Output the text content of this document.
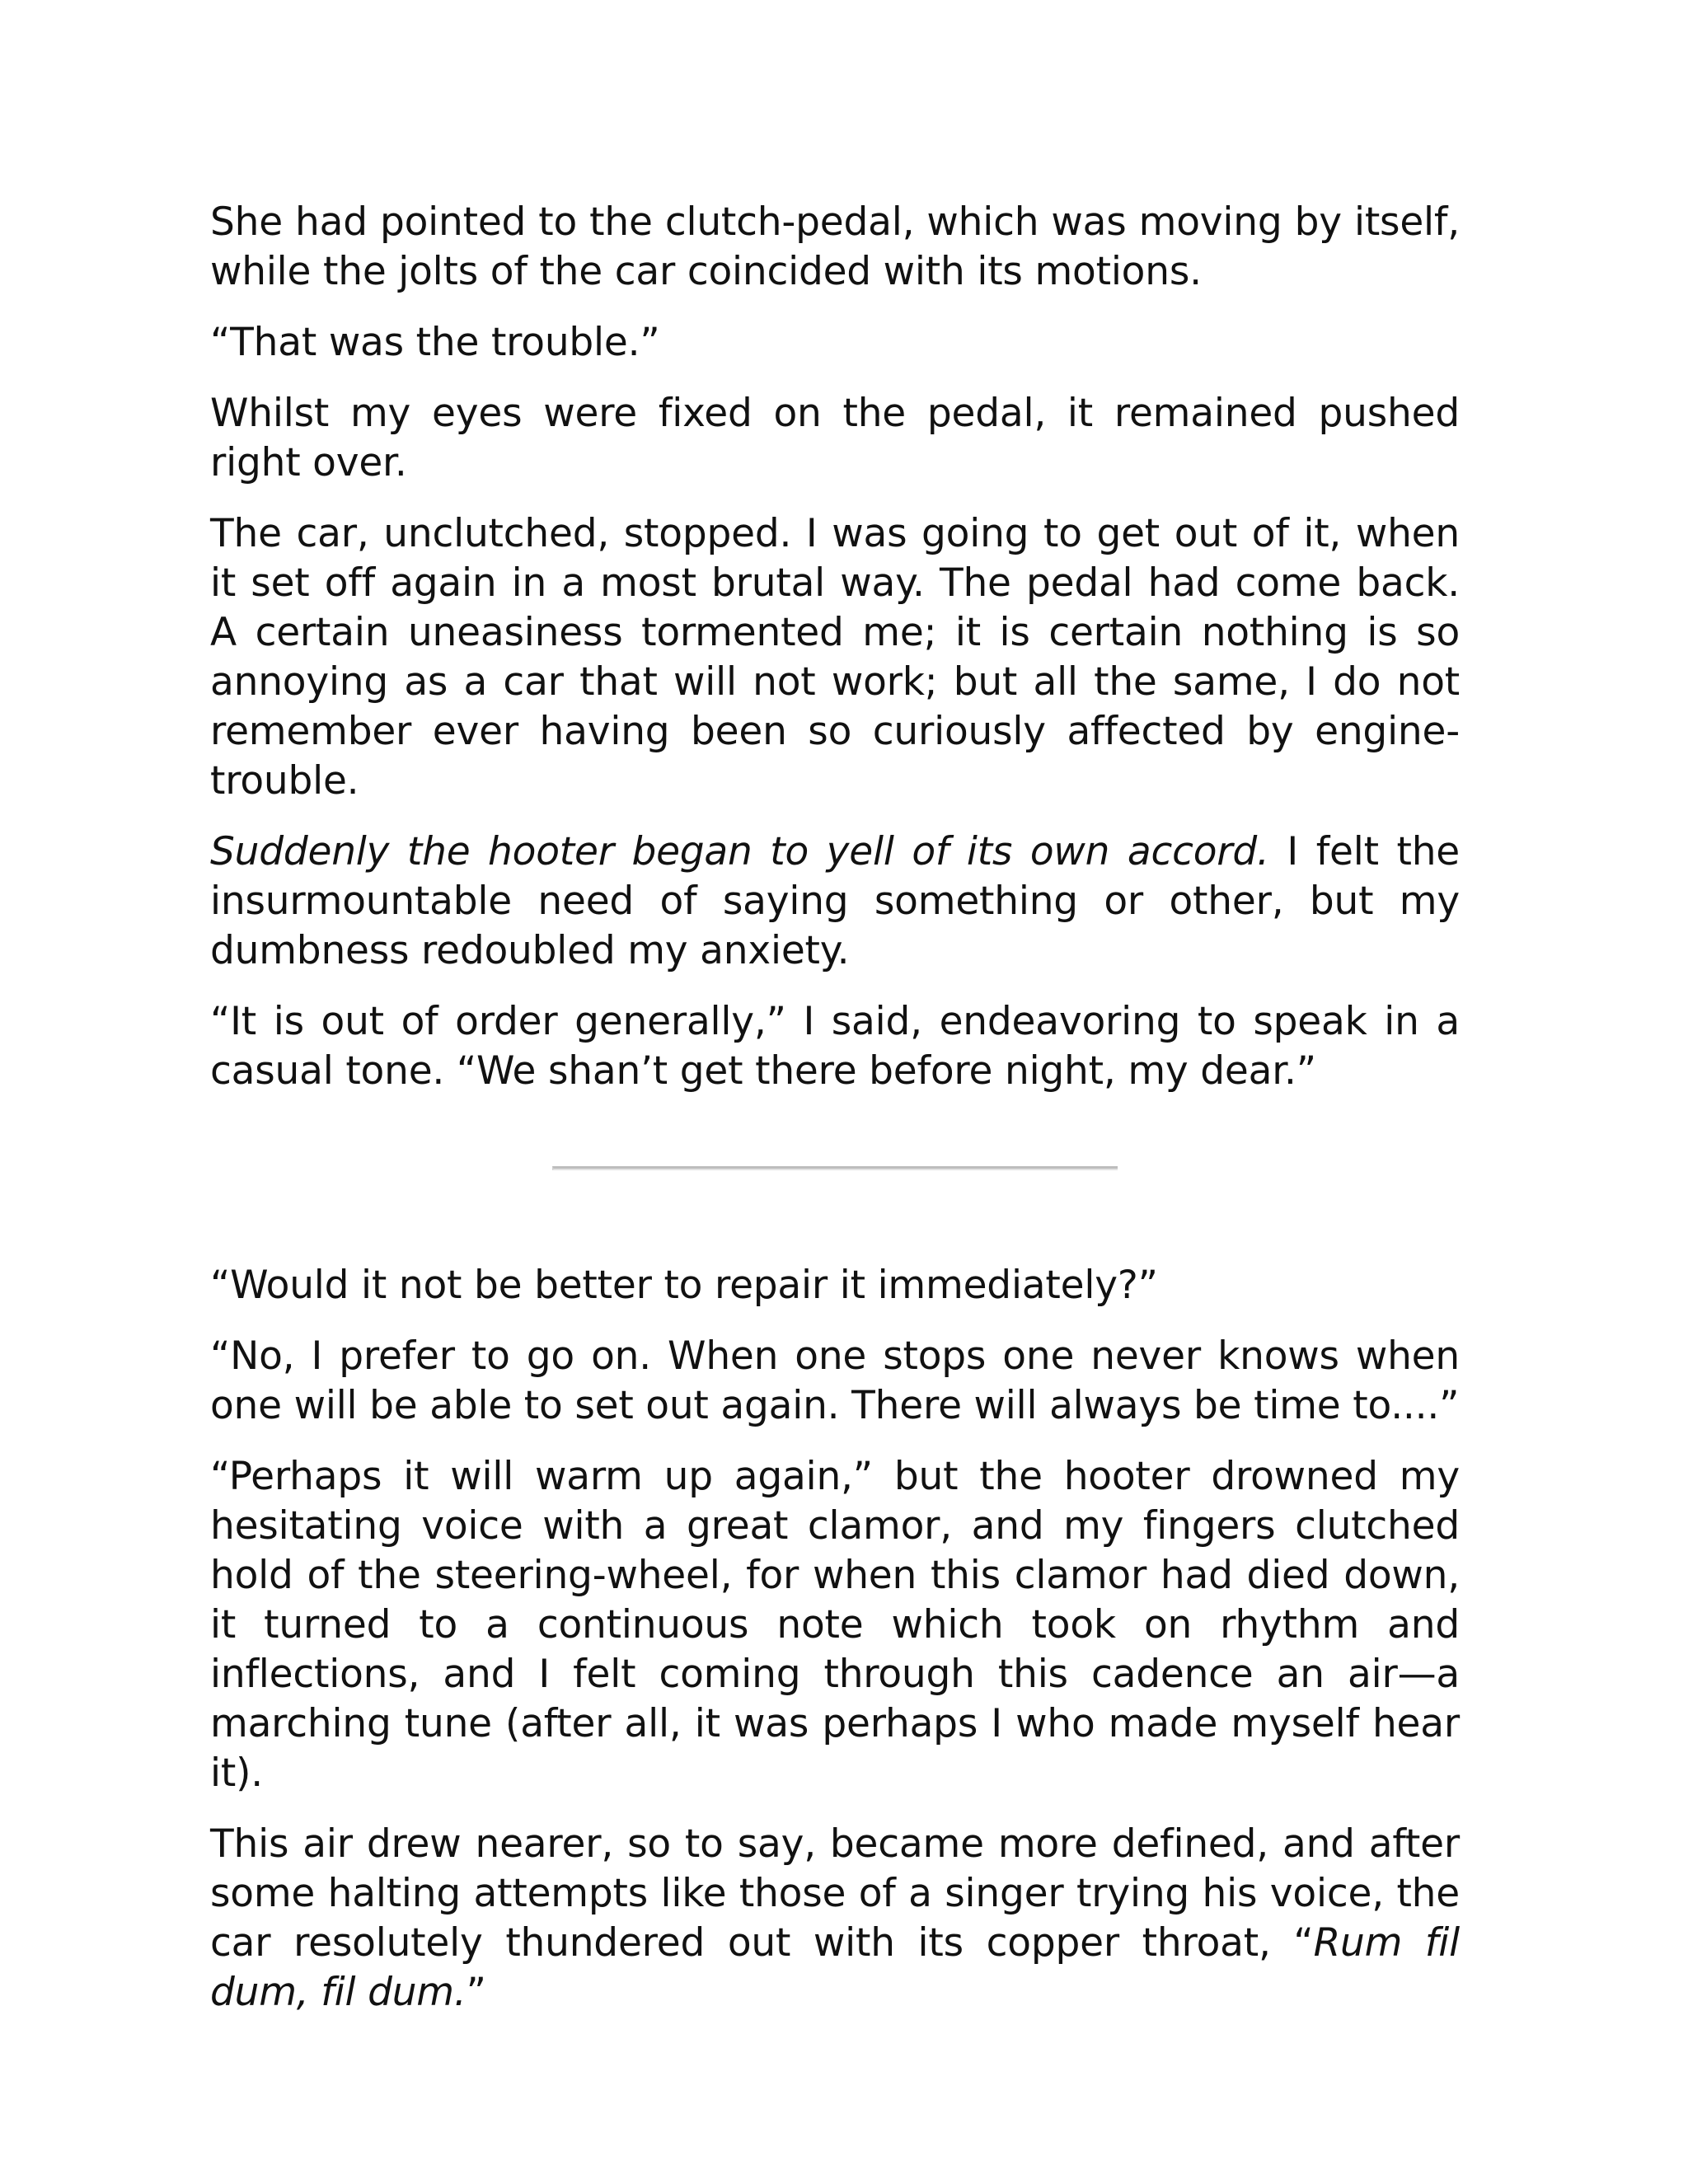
She had pointed to the clutch-pedal, which was moving by itself, while the jolts of the car coincided with its motions.

“That was the trouble.”

Whilst my eyes were fixed on the pedal, it remained pushed right over.

The car, unclutched, stopped. I was going to get out of it, when it set off again in a most brutal way. The pedal had come back. A certain uneasiness tormented me; it is certain nothing is so annoying as a car that will not work; but all the same, I do not remember ever having been so curiously affected by engine-trouble.

Suddenly the hooter began to yell of its own accord. I felt the insurmountable need of saying something or other, but my dumbness redoubled my anxiety.

“It is out of order generally,” I said, endeavoring to speak in a casual tone. “We shan’t get there before night, my dear.”

“Would it not be better to repair it immediately?”

“No, I prefer to go on. When one stops one never knows when one will be able to set out again. There will always be time to....”

“Perhaps it will warm up again,” but the hooter drowned my hesitating voice with a great clamor, and my fingers clutched hold of the steering-wheel, for when this clamor had died down, it turned to a continuous note which took on rhythm and inflections, and I felt coming through this cadence an air—a marching tune (after all, it was perhaps I who made myself hear it).

This air drew nearer, so to say, became more defined, and after some halting attempts like those of a singer trying his voice, the car resolutely thundered out with its copper throat, “Rum fil dum, fil dum.”
